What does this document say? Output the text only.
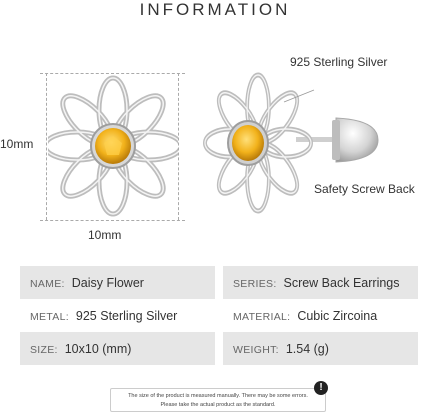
INFORMATION
10mm
10mm
925 Sterling Silver
Safety Screw Back
NAME: Daisy Flower		SERIES: Screw Back Earrings
METAL: 925 Sterling Silver		MATERIAL: Cubic Zircoina
SIZE: 10x10 (mm)		WEIGHT: 1.54 (g)
The size of the product is measured manually. There may be some errors.
Please take the actual product as the standard.
!
